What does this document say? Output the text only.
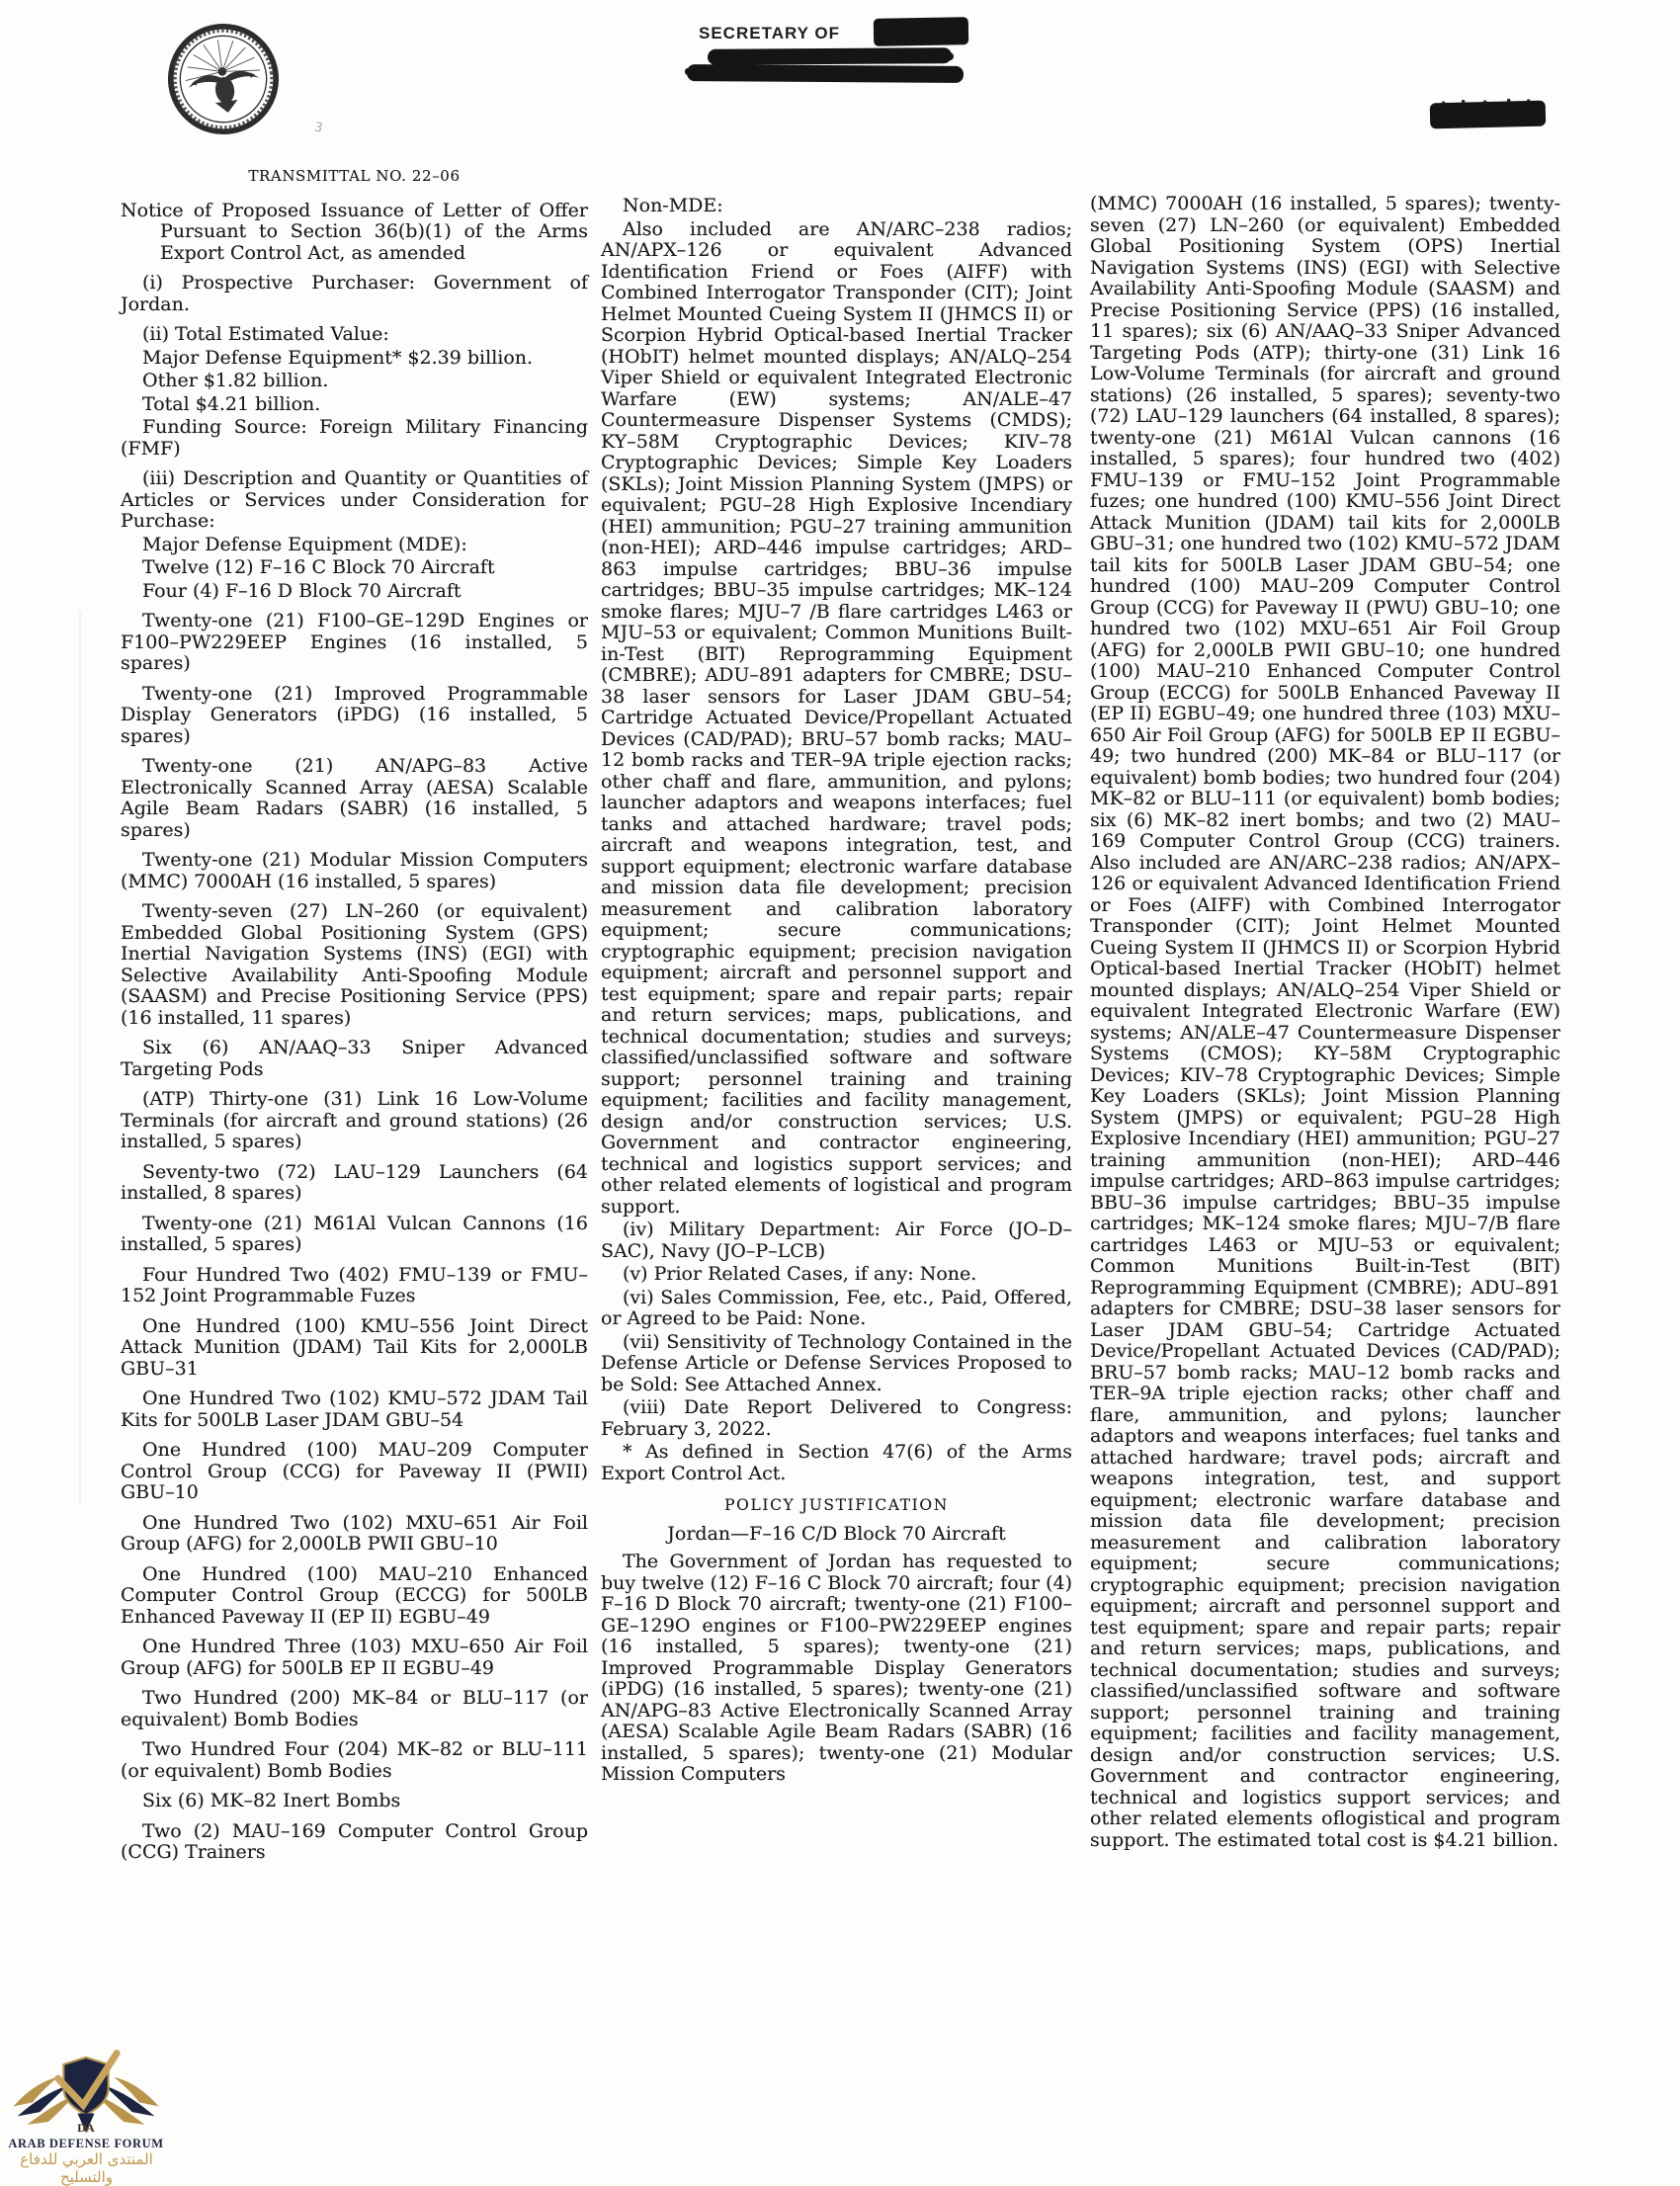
SECRETARY OF
3

TRANSMITTAL NO. 22–06

Notice of Proposed Issuance of Letter of Offer Pursuant to Section 36(b)(1) of the Arms Export Control Act, as amended

(i) Prospective Purchaser: Government of Jordan.

(ii) Total Estimated Value:

Major Defense Equipment* $2.39 billion.

Other $1.82 billion.

Total $4.21 billion.

Funding Source: Foreign Military Financing (FMF)

(iii) Description and Quantity or Quantities of Articles or Services under Consideration for Purchase:

Major Defense Equipment (MDE):

Twelve (12) F–16 C Block 70 Aircraft

Four (4) F–16 D Block 70 Aircraft

Twenty-one (21) F100–GE–129D Engines or F100–PW229EEP Engines (16 installed, 5 spares)

Twenty-one (21) Improved Programmable Display Generators (iPDG) (16 installed, 5 spares)

Twenty-one (21) AN/APG–83 Active Electronically Scanned Array (AESA) Scalable Agile Beam Radars (SABR) (16 installed, 5 spares)

Twenty-one (21) Modular Mission Computers (MMC) 7000AH (16 installed, 5 spares)

Twenty-seven (27) LN–260 (or equivalent) Embedded Global Positioning System (GPS) Inertial Navigation Systems (INS) (EGI) with Selective Availability Anti-Spoofing Module (SAASM) and Precise Positioning Service (PPS) (16 installed, 11 spares)

Six (6) AN/AAQ–33 Sniper Advanced Targeting Pods

(ATP) Thirty-one (31) Link 16 Low-Volume Terminals (for aircraft and ground stations) (26 installed, 5 spares)

Seventy-two (72) LAU–129 Launchers (64 installed, 8 spares)

Twenty-one (21) M61Al Vulcan Cannons (16 installed, 5 spares)

Four Hundred Two (402) FMU–139 or FMU–152 Joint Programmable Fuzes

One Hundred (100) KMU–556 Joint Direct Attack Munition (JDAM) Tail Kits for 2,000LB GBU–31

One Hundred Two (102) KMU–572 JDAM Tail Kits for 500LB Laser JDAM GBU–54

One Hundred (100) MAU–209 Computer Control Group (CCG) for Paveway II (PWII) GBU–10

One Hundred Two (102) MXU–651 Air Foil Group (AFG) for 2,000LB PWII GBU–10

One Hundred (100) MAU–210 Enhanced Computer Control Group (ECCG) for 500LB Enhanced Paveway II (EP II) EGBU–49

One Hundred Three (103) MXU–650 Air Foil Group (AFG) for 500LB EP II EGBU–49

Two Hundred (200) MK–84 or BLU–117 (or equivalent) Bomb Bodies

Two Hundred Four (204) MK–82 or BLU–111 (or equivalent) Bomb Bodies

Six (6) MK–82 Inert Bombs

Two (2) MAU–169 Computer Control Group (CCG) Trainers

Non-MDE:

Also included are AN/ARC–238 radios; AN/APX–126 or equivalent Advanced Identification Friend or Foes (AIFF) with Combined Interrogator Transponder (CIT); Joint Helmet Mounted Cueing System II (JHMCS II) or Scorpion Hybrid Optical-based Inertial Tracker (HObIT) helmet mounted displays; AN/ALQ–254 Viper Shield or equivalent Integrated Electronic Warfare (EW) systems; AN/ALE–47 Countermeasure Dispenser Systems (CMDS); KY–58M Cryptographic Devices; KIV–78 Cryptographic Devices; Simple Key Loaders (SKLs); Joint Mission Planning System (JMPS) or equivalent; PGU–28 High Explosive Incendiary (HEI) ammunition; PGU–27 training ammunition (non-HEI); ARD–446 impulse cartridges; ARD–863 impulse cartridges; BBU–36 impulse cartridges; BBU–35 impulse cartridges; MK–124 smoke flares; MJU–7 /B flare cartridges L463 or MJU–53 or equivalent; Common Munitions Built-in-Test (BIT) Reprogramming Equipment (CMBRE); ADU–891 adapters for CMBRE; DSU–38 laser sensors for Laser JDAM GBU–54; Cartridge Actuated Device/Propellant Actuated Devices (CAD/PAD); BRU–57 bomb racks; MAU–12 bomb racks and TER–9A triple ejection racks; other chaff and flare, ammunition, and pylons; launcher adaptors and weapons interfaces; fuel tanks and attached hardware; travel pods; aircraft and weapons integration, test, and support equipment; electronic warfare database and mission data file development; precision measurement and calibration laboratory equipment; secure communications; cryptographic equipment; precision navigation equipment; aircraft and personnel support and test equipment; spare and repair parts; repair and return services; maps, publications, and technical documentation; studies and surveys; classified/unclassified software and software support; personnel training and training equipment; facilities and facility management, design and/or construction services; U.S. Government and contractor engineering, technical and logistics support services; and other related elements of logistical and program support.

(iv) Military Department: Air Force (JO–D–SAC), Navy (JO–P–LCB)

(v) Prior Related Cases, if any: None.

(vi) Sales Commission, Fee, etc., Paid, Offered, or Agreed to be Paid: None.

(vii) Sensitivity of Technology Contained in the Defense Article or Defense Services Proposed to be Sold: See Attached Annex.

(viii) Date Report Delivered to Congress: February 3, 2022.

* As defined in Section 47(6) of the Arms Export Control Act.

POLICY JUSTIFICATION

Jordan—F–16 C/D Block 70 Aircraft

The Government of Jordan has requested to buy twelve (12) F–16 C Block 70 aircraft; four (4) F–16 D Block 70 aircraft; twenty-one (21) F100–GE–129O engines or F100–PW229EEP engines (16 installed, 5 spares); twenty-one (21) Improved Programmable Display Generators (iPDG) (16 installed, 5 spares); twenty-one (21) AN/APG–83 Active Electronically Scanned Array (AESA) Scalable Agile Beam Radars (SABR) (16 installed, 5 spares); twenty-one (21) Modular Mission Computers

(MMC) 7000AH (16 installed, 5 spares); twenty-seven (27) LN–260 (or equivalent) Embedded Global Positioning System (OPS) Inertial Navigation Systems (INS) (EGI) with Selective Availability Anti-Spoofing Module (SAASM) and Precise Positioning Service (PPS) (16 installed, 11 spares); six (6) AN/AAQ–33 Sniper Advanced Targeting Pods (ATP); thirty-one (31) Link 16 Low-Volume Terminals (for aircraft and ground stations) (26 installed, 5 spares); seventy-two (72) LAU–129 launchers (64 installed, 8 spares); twenty-one (21) M61Al Vulcan cannons (16 installed, 5 spares); four hundred two (402) FMU–139 or FMU–152 Joint Programmable fuzes; one hundred (100) KMU–556 Joint Direct Attack Munition (JDAM) tail kits for 2,000LB GBU–31; one hundred two (102) KMU–572 JDAM tail kits for 500LB Laser JDAM GBU–54; one hundred (100) MAU–209 Computer Control Group (CCG) for Paveway II (PWU) GBU–10; one hundred two (102) MXU–651 Air Foil Group (AFG) for 2,000LB PWII GBU–10; one hundred (100) MAU–210 Enhanced Computer Control Group (ECCG) for 500LB Enhanced Paveway II (EP II) EGBU–49; one hundred three (103) MXU–650 Air Foil Group (AFG) for 500LB EP II EGBU–49; two hundred (200) MK–84 or BLU–117 (or equivalent) bomb bodies; two hundred four (204) MK–82 or BLU–111 (or equivalent) bomb bodies; six (6) MK–82 inert bombs; and two (2) MAU–169 Computer Control Group (CCG) trainers. Also included are AN/ARC–238 radios; AN/APX–126 or equivalent Advanced Identification Friend or Foes (AIFF) with Combined Interrogator Transponder (CIT); Joint Helmet Mounted Cueing System II (JHMCS II) or Scorpion Hybrid Optical-based Inertial Tracker (HObIT) helmet mounted displays; AN/ALQ–254 Viper Shield or equivalent Integrated Electronic Warfare (EW) systems; AN/ALE–47 Countermeasure Dispenser Systems (CMOS); KY–58M Cryptographic Devices; KIV–78 Cryptographic Devices; Simple Key Loaders (SKLs); Joint Mission Planning System (JMPS) or equivalent; PGU–28 High Explosive Incendiary (HEI) ammunition; PGU–27 training ammunition (non-HEI); ARD–446 impulse cartridges; ARD–863 impulse cartridges; BBU–36 impulse cartridges; BBU–35 impulse cartridges; MK–124 smoke flares; MJU–7/B flare cartridges L463 or MJU–53 or equivalent; Common Munitions Built-in-Test (BIT) Reprogramming Equipment (CMBRE); ADU–891 adapters for CMBRE; DSU–38 laser sensors for Laser JDAM GBU–54; Cartridge Actuated Device/Propellant Actuated Devices (CAD/PAD); BRU–57 bomb racks; MAU–12 bomb racks and TER–9A triple ejection racks; other chaff and flare, ammunition, and pylons; launcher adaptors and weapons interfaces; fuel tanks and attached hardware; travel pods; aircraft and weapons integration, test, and support equipment; electronic warfare database and mission data file development; precision measurement and calibration laboratory equipment; secure communications; cryptographic equipment; precision navigation equipment; aircraft and personnel support and test equipment; spare and repair parts; repair and return services; maps, publications, and technical documentation; studies and surveys; classified/unclassified software and software support; personnel training and training equipment; facilities and facility management, design and/or construction services; U.S. Government and contractor engineering, technical and logistics support services; and other related elements oflogistical and program support. The estimated total cost is $4.21 billion.

DA
ARAB DEFENSE FORUM
المنتدى العربي للدفاع والتسليح
